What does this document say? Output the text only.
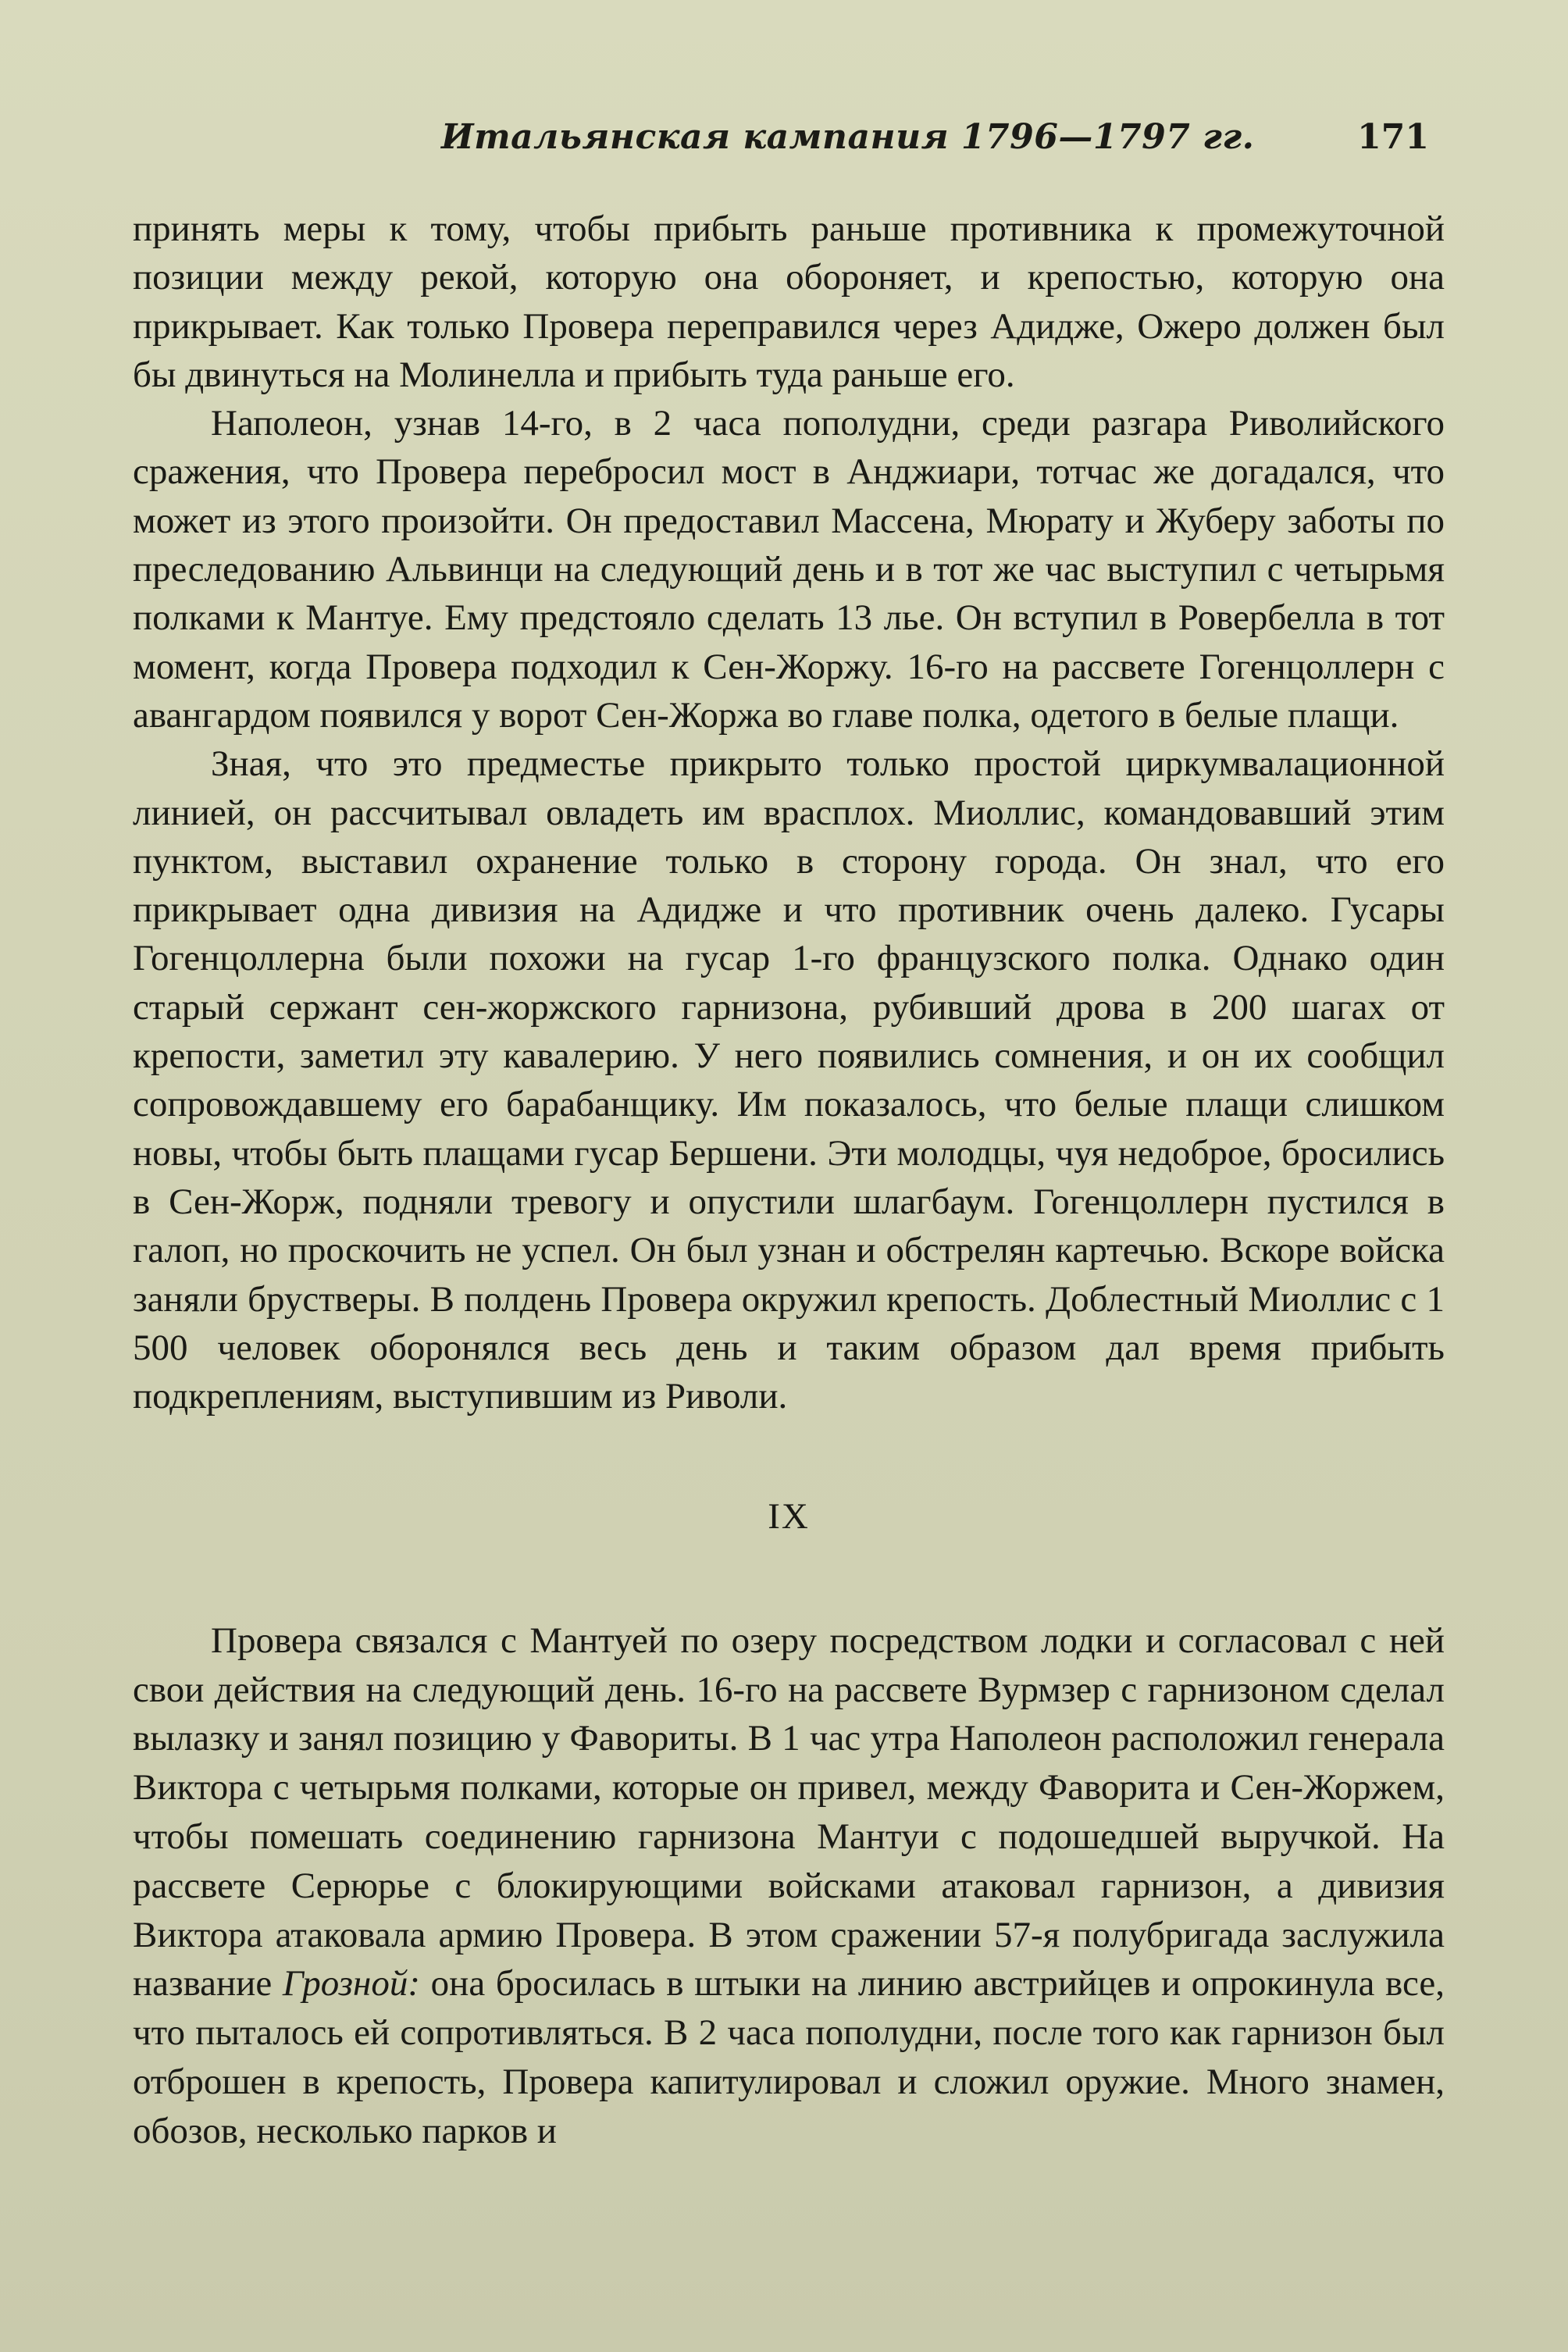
Итальянская кампания 1796—1797 гг.	171

принять меры к тому, чтобы прибыть раньше противника к промежуточной позиции между рекой, которую она обороняет, и крепостью, которую она прикрывает. Как только Провера переправился через Адидже, Ожеро должен был бы двинуться на Молинелла и прибыть туда раньше его.

Наполеон, узнав 14-го, в 2 часа пополудни, среди разгара Риволийского сражения, что Провера перебросил мост в Анджиари, тотчас же догадался, что может из этого произойти. Он предоставил Массена, Мюрату и Жуберу заботы по преследованию Альвинци на следующий день и в тот же час выступил с четырьмя полками к Мантуе. Ему предстояло сделать 13 лье. Он вступил в Ровербелла в тот момент, когда Провера подходил к Сен-Жоржу. 16-го на рассвете Гогенцоллерн с авангардом появился у ворот Сен-Жоржа во главе полка, одетого в белые плащи.

Зная, что это предместье прикрыто только простой циркумвалационной линией, он рассчитывал овладеть им врасплох. Миоллис, командовавший этим пунктом, выставил охранение только в сторону города. Он знал, что его прикрывает одна дивизия на Адидже и что противник очень далеко. Гусары Гогенцоллерна были похожи на гусар 1-го французского полка. Однако один старый сержант сен-жоржского гарнизона, рубивший дрова в 200 шагах от крепости, заметил эту кавалерию. У него появились сомнения, и он их сообщил сопровождавшему его барабанщику. Им показалось, что белые плащи слишком новы, чтобы быть плащами гусар Бершени. Эти молодцы, чуя недоброе, бросились в Сен-Жорж, подняли тревогу и опустили шлагбаум. Гогенцоллерн пустился в галоп, но проскочить не успел. Он был узнан и обстрелян картечью. Вскоре войска заняли брустверы. В полдень Провера окружил крепость. Доблестный Миоллис с 1 500 человек оборонялся весь день и таким образом дал время прибыть подкреплениям, выступившим из Риволи.

IX

Провера связался с Мантуей по озеру посредством лодки и согласовал с ней свои действия на следующий день. 16-го на рассвете Вурмзер с гарнизоном сделал вылазку и занял позицию у Фавориты. В 1 час утра Наполеон расположил генерала Виктора с четырьмя полками, которые он привел, между Фаворита и Сен-Жоржем, чтобы помешать соединению гарнизона Мантуи с подошедшей выручкой. На рассвете Серюрье с блокирующими войсками атаковал гарнизон, а дивизия Виктора атаковала армию Провера. В этом сражении 57-я полубригада заслужила название Грозной: она бросилась в штыки на линию австрийцев и опрокинула все, что пыталось ей сопротивляться. В 2 часа пополудни, после того как гарнизон был отброшен в крепость, Провера капитулировал и сложил оружие. Много знамен, обозов, несколько парков и
